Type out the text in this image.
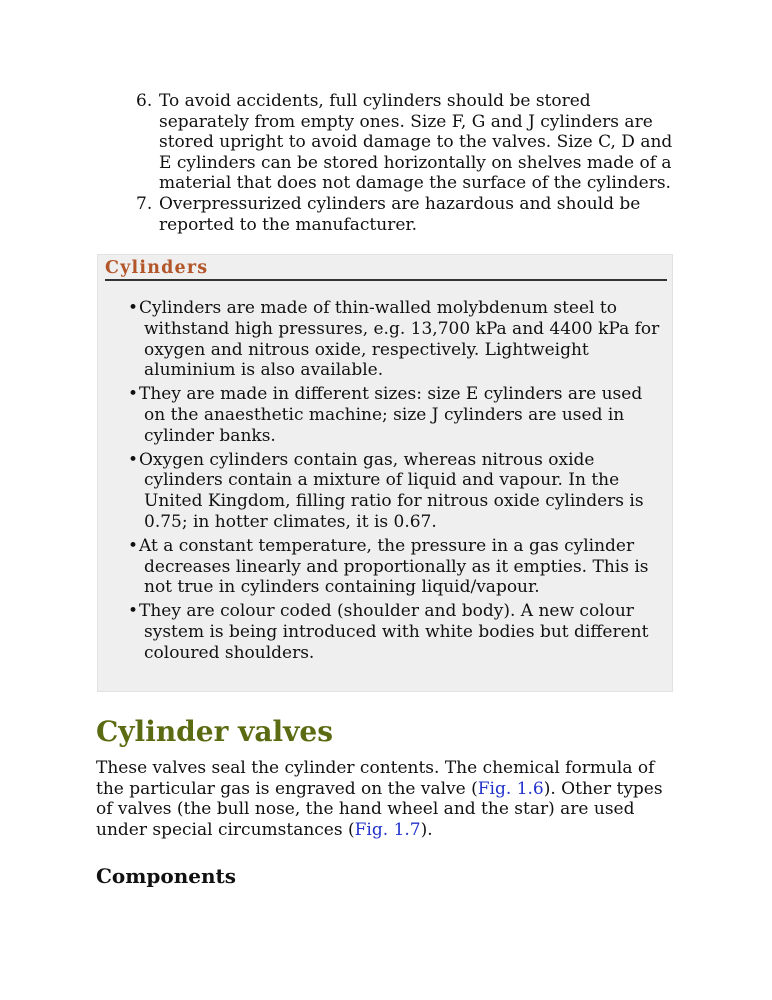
6. To avoid accidents, full cylinders should be stored separately from empty ones. Size F, G and J cylinders are stored upright to avoid damage to the valves. Size C, D and E cylinders can be stored horizontally on shelves made of a material that does not damage the surface of the cylinders.
7. Overpressurized cylinders are hazardous and should be reported to the manufacturer.
Cylinders
•Cylinders are made of thin-walled molybdenum steel to withstand high pressures, e.g. 13,700 kPa and 4400 kPa for oxygen and nitrous oxide, respectively. Lightweight aluminium is also available.
•They are made in different sizes: size E cylinders are used on the anaesthetic machine; size J cylinders are used in cylinder banks.
•Oxygen cylinders contain gas, whereas nitrous oxide cylinders contain a mixture of liquid and vapour. In the United Kingdom, filling ratio for nitrous oxide cylinders is 0.75; in hotter climates, it is 0.67.
•At a constant temperature, the pressure in a gas cylinder decreases linearly and proportionally as it empties. This is not true in cylinders containing liquid/vapour.
•They are colour coded (shoulder and body). A new colour system is being introduced with white bodies but different coloured shoulders.
Cylinder valves

These valves seal the cylinder contents. The chemical formula of the particular gas is engraved on the valve (Fig. 1.6). Other types of valves (the bull nose, the hand wheel and the star) are used under special circumstances (Fig. 1.7).

Components
